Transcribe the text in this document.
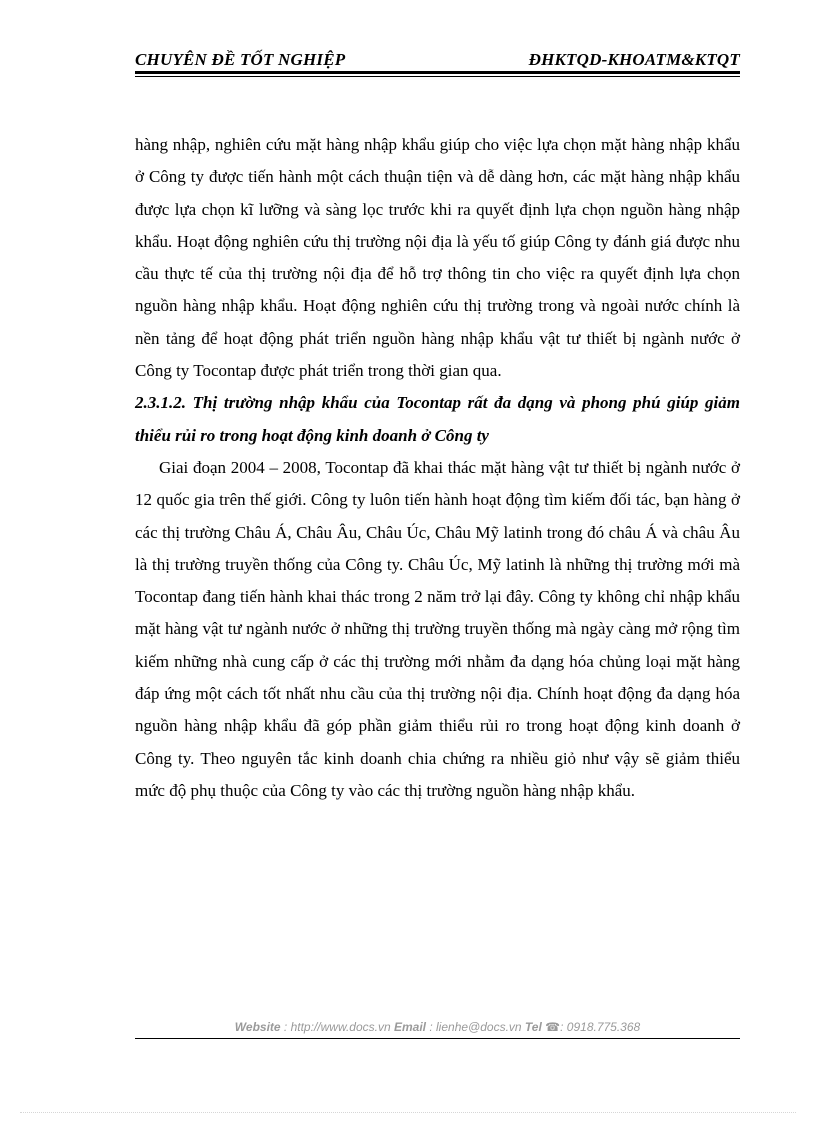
CHUYÊN ĐỀ TỐT NGHIỆP	ĐHKTQD-KHOATM&KTQT

hàng nhập, nghiên cứu mặt hàng nhập khẩu giúp cho việc lựa chọn mặt hàng nhập khẩu ở Công ty được tiến hành một cách thuận tiện và dễ dàng hơn, các mặt hàng nhập khẩu được lựa chọn kĩ lưỡng và sàng lọc trước khi ra quyết định lựa chọn nguồn hàng nhập khẩu. Hoạt động nghiên cứu thị trường nội địa là yếu tố giúp Công ty đánh giá được nhu cầu thực tế của thị trường nội địa để hỗ trợ thông tin cho việc ra quyết định lựa chọn nguồn hàng nhập khẩu. Hoạt động nghiên cứu thị trường trong và ngoài nước chính là nền tảng để hoạt động phát triển nguồn hàng nhập khẩu vật tư thiết bị ngành nước ở Công ty Tocontap được phát triển trong thời gian qua.

2.3.1.2. Thị trường nhập khẩu của Tocontap rất đa dạng và phong phú giúp giảm thiểu rủi ro trong hoạt động kinh doanh ở Công ty

Giai đoạn 2004 – 2008, Tocontap đã khai thác mặt hàng vật tư thiết bị ngành nước ở 12 quốc gia trên thế giới. Công ty luôn tiến hành hoạt động tìm kiếm đối tác, bạn hàng ở các thị trường Châu Á, Châu Âu, Châu Úc, Châu Mỹ latinh trong đó châu Á và châu Âu là thị trường truyền thống của Công ty. Châu Úc, Mỹ latinh là những thị trường mới mà Tocontap đang tiến hành khai thác trong 2 năm trở lại đây. Công ty không chỉ nhập khẩu mặt hàng vật tư ngành nước ở những thị trường truyền thống mà ngày càng mở rộng tìm kiếm những nhà cung cấp ở các thị trường mới nhằm đa dạng hóa chủng loại mặt hàng đáp ứng một cách tốt nhất nhu cầu của thị trường nội địa. Chính hoạt động đa dạng hóa nguồn hàng nhập khẩu đã góp phần giảm thiểu rủi ro trong hoạt động kinh doanh ở Công ty. Theo nguyên tắc kinh doanh chia chứng ra nhiều giỏ như vậy sẽ giảm thiểu mức độ phụ thuộc của Công ty vào các thị trường nguồn hàng nhập khẩu.

Website : http://www.docs.vn Email : lienhe@docs.vn Tel ☎: 0918.775.368
